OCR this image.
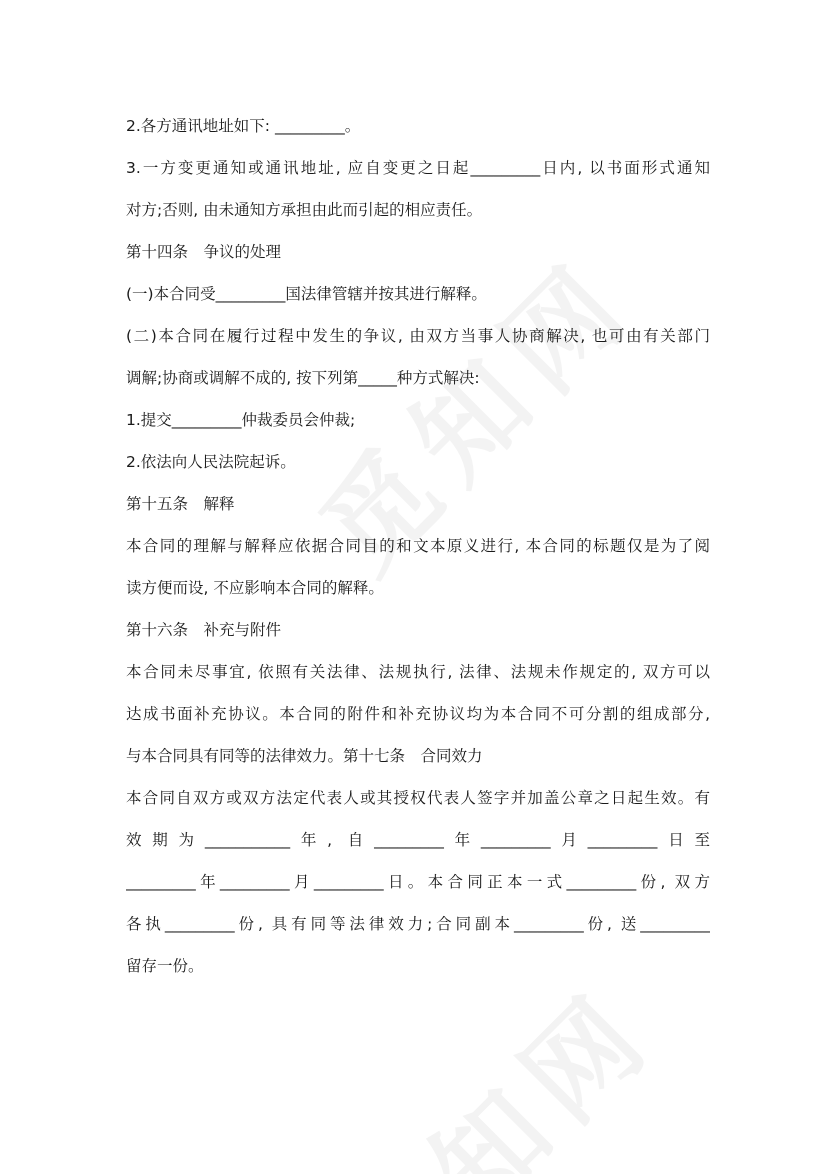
2.各方通讯地址如下: _________。
3.一方变更通知或通讯地址, 应自变更之日起_________日内, 以书面形式通知
对方;否则, 由未通知方承担由此而引起的相应责任。
第十四条　争议的处理
(一)本合同受_________国法律管辖并按其进行解释。
(二)本合同在履行过程中发生的争议, 由双方当事人协商解决, 也可由有关部门
调解;协商或调解不成的, 按下列第_____种方式解决:
1.提交_________仲裁委员会仲裁;
2.依法向人民法院起诉。
第十五条　解释
本合同的理解与解释应依据合同目的和文本原义进行, 本合同的标题仅是为了阅
读方便而设, 不应影响本合同的解释。
第十六条　补充与附件
本合同未尽事宜, 依照有关法律、法规执行, 法律、法规未作规定的, 双方可以
达成书面补充协议。本合同的附件和补充协议均为本合同不可分割的组成部分,
与本合同具有同等的法律效力。第十七条　合同效力
本合同自双方或双方法定代表人或其授权代表人签字并加盖公章之日起生效。有
效期为___________年, 自_________年_________月_________日至
_________年_________月_________日。本合同正本一式_________份, 双方
各执_________份, 具有同等法律效力;合同副本_________份, 送_________
留存一份。
